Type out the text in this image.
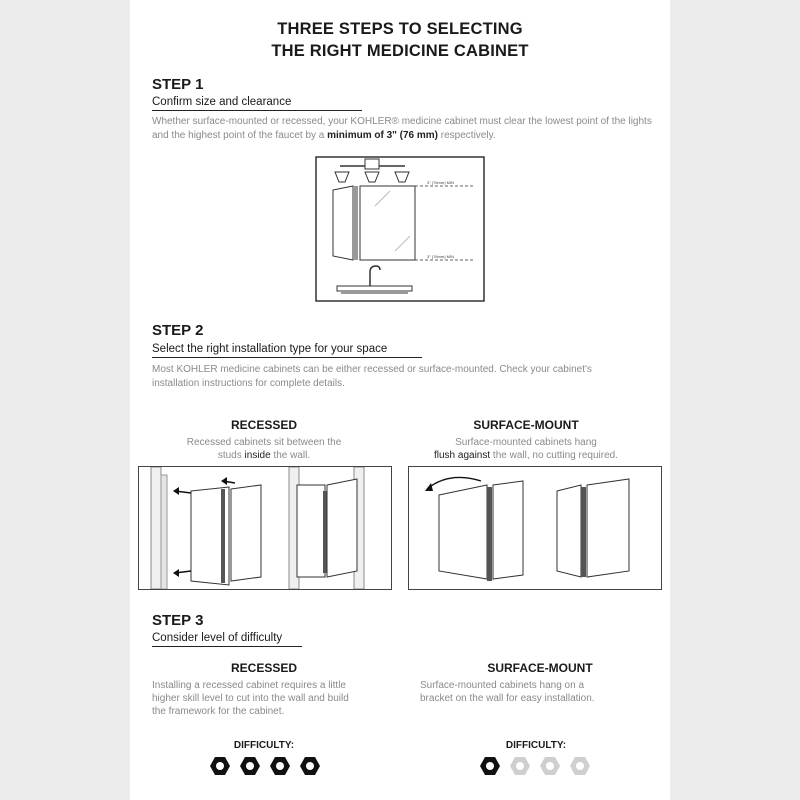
THREE STEPS TO SELECTING
THE RIGHT MEDICINE CABINET
STEP 1
Confirm size and clearance
Whether surface-mounted or recessed, your KOHLER® medicine cabinet must clear the lowest point of the lights and the highest point of the faucet by a minimum of 3" (76 mm) respectively.
3" (76mm) MIN
3" (76mm) MIN
STEP 2
Select the right installation type for your space
Most KOHLER medicine cabinets can be either recessed or surface-mounted. Check your cabinet's installation instructions for complete details.
RECESSED
Recessed cabinets sit between the
studs inside the wall.
SURFACE-MOUNT
Surface-mounted cabinets hang
flush against the wall, no cutting required.
STEP 3
Consider level of difficulty
RECESSED
Installing a recessed cabinet requires a little
higher skill level to cut into the wall and build
the framework for the cabinet.
SURFACE-MOUNT
Surface-mounted cabinets hang on a
bracket on the wall for easy installation.
DIFFICULTY:	DIFFICULTY:
